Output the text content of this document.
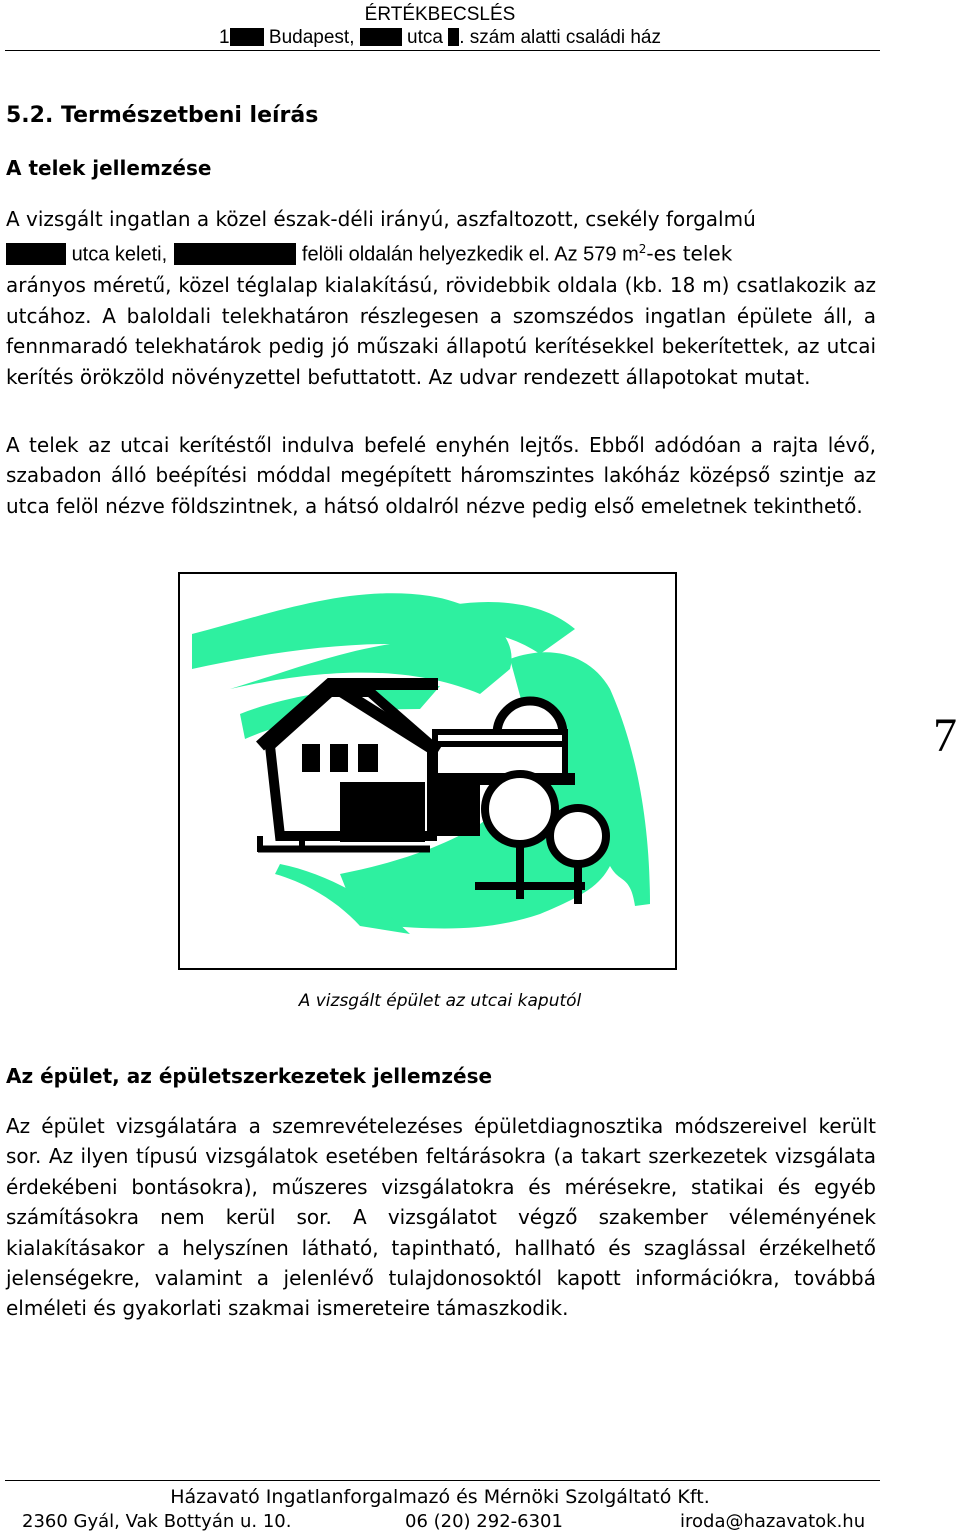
ÉRTÉKBECSLÉS
1 Budapest,	utca . szám alatti családi ház
5.2. Természetbeni leírás
A telek jellemzése
A vizsgált ingatlan a közel észak-déli irányú, aszfaltozott, csekély forgalmú
utca keleti,	felöli oldalán helyezkedik el. Az 579 $m^2-es$ telek
arányos méretű, közel téglalap kialakítású, rövidebbik oldala (kb. 18 m) csatlakozik az utcához. A baloldali telekhatáron részlegesen a szomszédos ingatlan épülete áll, a fennmaradó telekhatárok pedig jó műszaki állapotú kerítésekkel bekerítettek, az utcai kerítés örökzöld növényzettel befuttatott. Az udvar rendezett állapotokat mutat.
A telek az utcai kerítéstől indulva befelé enyhén lejtős. Ebből adódóan a rajta lévő, szabadon álló beépítési móddal megépített háromszintes lakóház középső szintje az utca felöl nézve földszintnek, a hátsó oldalról nézve pedig első emeletnek tekinthető.
A vizsgált épület az utcai kaputól
Az épület, az épületszerkezetek jellemzése
Az épület vizsgálatára a szemrevételezéses épületdiagnosztika módszereivel került sor. Az ilyen típusú vizsgálatok esetében feltárásokra (a takart szerkezetek vizsgálata érdekébeni bontásokra), műszeres vizsgálatokra és mérésekre, statikai és egyéb számításokra nem kerül sor. A vizsgálatot végző szakember véleményének kialakításakor a helyszínen látható, tapintható, hallható és szaglással érzékelhető jelenségekre, valamint a jelenlévő tulajdonosoktól kapott információkra, továbbá elméleti és gyakorlati szakmai ismereteire támaszkodik.
7
Házavató Ingatlanforgalmazó és Mérnöki Szolgáltató Kft.
2360 Gyál, Vak Bottyán u. 10.	06 (20) 292-6301	iroda@hazavatok.hu
